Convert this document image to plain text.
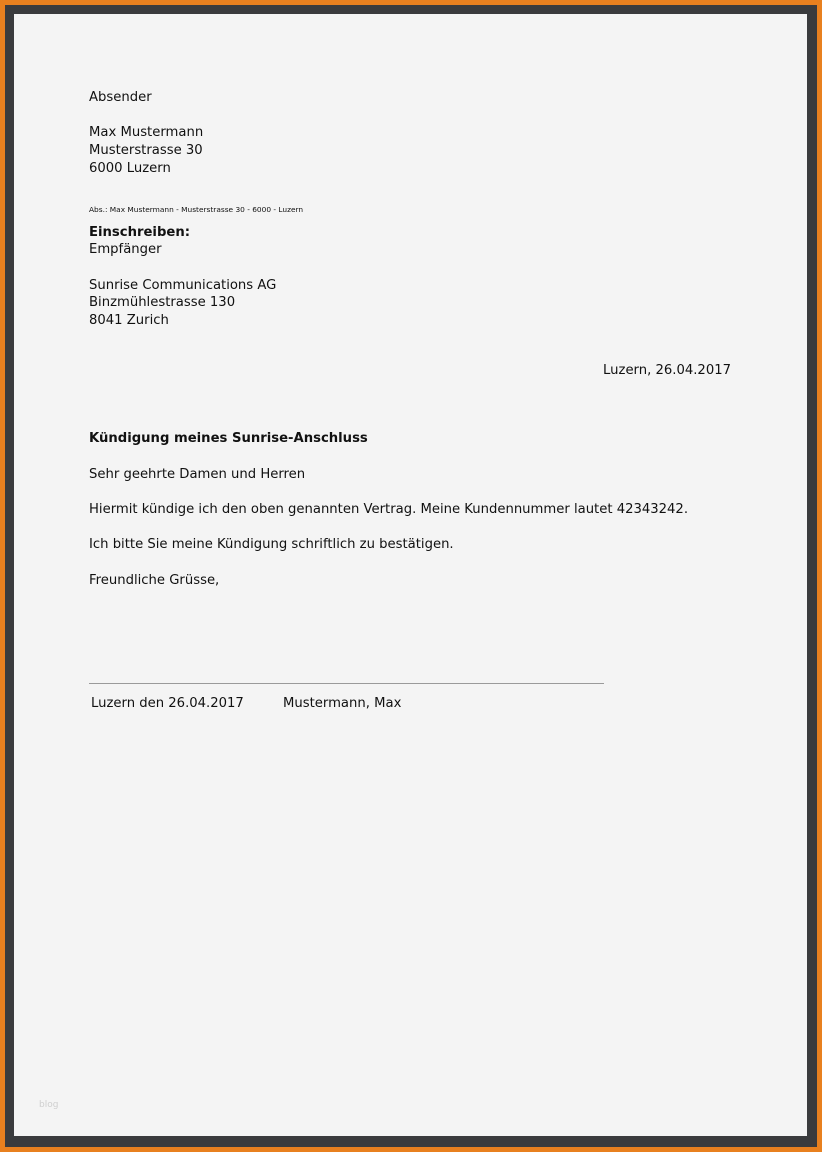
Absender
Max Mustermann
Musterstrasse 30
6000 Luzern
Abs.: Max Mustermann - Musterstrasse 30 - 6000 - Luzern
Einschreiben:
Empfänger
Sunrise Communications AG
Binzmühlestrasse 130
8041 Zurich
Luzern, 26.04.2017
Kündigung meines Sunrise-Anschluss
Sehr geehrte Damen und Herren
Hiermit kündige ich den oben genannten Vertrag. Meine Kundennummer lautet 42343242.
Ich bitte Sie meine Kündigung schriftlich zu bestätigen.
Freundliche Grüsse,
Luzern den 26.04.2017	Mustermann, Max
blog
